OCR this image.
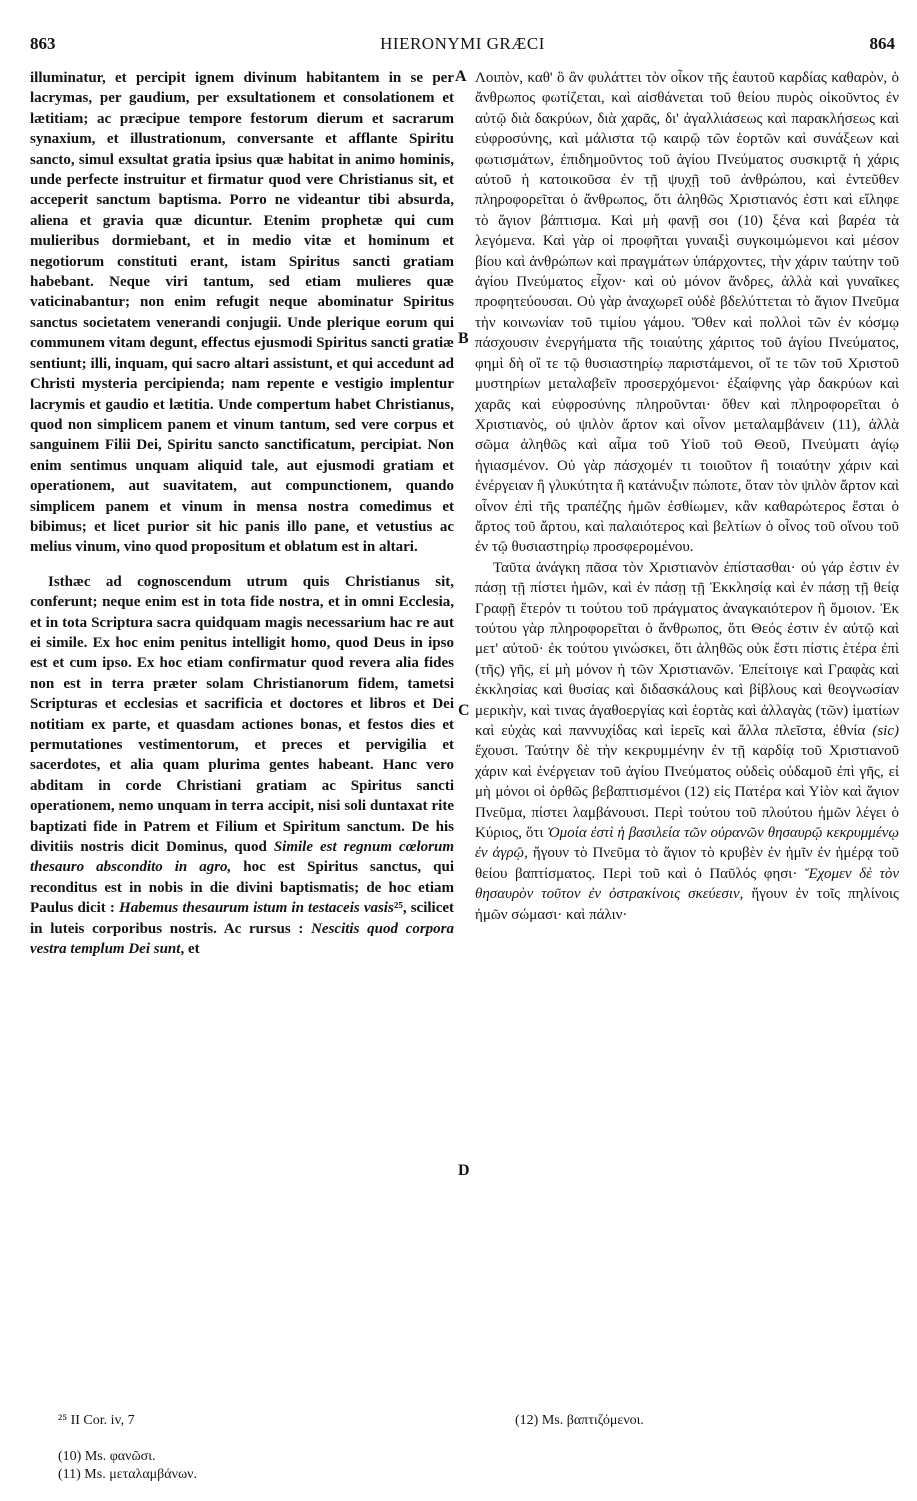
863	HIERONYMI GRÆCI	864

illuminatur, et percipit ignem divinum habitantem in se per lacrymas, per gaudium, per exsultationem et consolationem et lætitiam; ac præcipue tempore festorum dierum et sacrarum synaxium, et illustrationum, conversante et afflante Spiritu sancto, simul exsultat gratia ipsius quæ habitat in animo hominis, unde perfecte instruitur et firmatur quod vere Christianus sit, et acceperit sanctum baptisma. Porro ne videantur tibi absurda, aliena et gravia quæ dicuntur. Etenim prophetæ qui cum mulieribus dormiebant, et in medio vitæ et hominum et negotiorum constituti erant, istam Spiritus sancti gratiam habebant. Neque viri tantum, sed etiam mulieres quæ vaticinabantur; non enim refugit neque abominatur Spiritus sanctus societatem venerandi conjugii. Unde plerique eorum qui communem vitam degunt, effectus ejusmodi Spiritus sancti gratiæ sentiunt; illi, inquam, qui sacro altari assistunt, et qui accedunt ad Christi mysteria percipienda; nam repente e vestigio implentur lacrymis et gaudio et lætitia. Unde compertum habet Christianus, quod non simplicem panem et vinum tantum, sed vere corpus et sanguinem Filii Dei, Spiritu sancto sanctificatum, percipiat. Non enim sentimus unquam aliquid tale, aut ejusmodi gratiam et operationem, aut suavitatem, aut compunctionem, quando simplicem panem et vinum in mensa nostra comedimus et bibimus; et licet purior sit hic panis illo pane, et vetustius ac melius vinum, vino quod propositum et oblatum est in altari.

Isthæc ad cognoscendum utrum quis Christianus sit, conferunt; neque enim est in tota fide nostra, et in omni Ecclesia, et in tota Scriptura sacra quidquam magis necessarium hac re aut ei simile. Ex hoc enim penitus intelligit homo, quod Deus in ipso est et cum ipso. Ex hoc etiam confirmatur quod revera alia fides non est in terra præter solam Christianorum fidem, tametsi Scripturas et ecclesias et sacrificia et doctores et libros et Dei notitiam ex parte, et quasdam actiones bonas, et festos dies et permutationes vestimentorum, et preces et pervigilia et sacerdotes, et alia quam plurima gentes habeant. Hanc vero abditam in corde Christiani gratiam ac Spiritus sancti operationem, nemo unquam in terra accipit, nisi soli duntaxat rite baptizati fide in Patrem et Filium et Spiritum sanctum. De his divitiis nostris dicit Dominus, quod Simile est regnum cœlorum thesauro abscondito in agro, hoc est Spiritus sanctus, qui reconditus est in nobis in die divini baptismatis; de hoc etiam Paulus dicit : Habemus thesaurum istum in testaceis vasis²⁵, scilicet in luteis corporibus nostris. Ac rursus : Nescitis quod corpora vestra templum Dei sunt, et

Λοιπὸν, καθ' ὃ ἂν φυλάττει τὸν οἶκον τῆς ἑαυτοῦ καρδίας καθαρὸν, ὁ ἄνθρωπος φωτίζεται, καὶ αἰσθάνεται τοῦ θείου πυρὸς οἰκοῦντος ἐν αὐτῷ διὰ δακρύων, διὰ χαρᾶς, δι' ἀγαλλιάσεως καὶ παρακλήσεως καὶ εὐφροσύνης, καὶ μάλιστα τῷ καιρῷ τῶν ἑορτῶν καὶ συνάξεων καὶ φωτισμάτων, ἐπιδημοῦντος τοῦ ἁγίου Πνεύματος συσκιρτᾷ ἡ χάρις αὐτοῦ ἡ κατοικοῦσα ἐν τῇ ψυχῇ τοῦ ἀνθρώπου, καὶ ἐντεῦθεν πληροφορεῖται ὁ ἄνθρωπος, ὅτι ἀληθῶς Χριστιανός ἐστι καὶ εἴληφε τὸ ἅγιον βάπτισμα. Καὶ μὴ φανῇ σοι (10) ξένα καὶ βαρέα τὰ λεγόμενα. Καὶ γὰρ οἱ προφῆται γυναιξὶ συγκοιμώμενοι καὶ μέσον βίου καὶ ἀνθρώπων καὶ πραγμάτων ὑπάρχοντες, τὴν χάριν ταύτην τοῦ ἁγίου Πνεύματος εἶχον· καὶ οὐ μόνον ἄνδρες, ἀλλὰ καὶ γυναῖκες προφητεύουσαι. Οὐ γὰρ ἀναχωρεῖ οὐδὲ βδελύττεται τὸ ἅγιον Πνεῦμα τὴν κοινωνίαν τοῦ τιμίου γάμου. Ὅθεν καὶ πολλοὶ τῶν ἐν κόσμῳ πάσχουσιν ἐνεργήματα τῆς τοιαύτης χάριτος τοῦ ἁγίου Πνεύματος, φημὶ δὴ οἵ τε τῷ θυσιαστηρίῳ παριστάμενοι, οἵ τε τῶν τοῦ Χριστοῦ μυστηρίων μεταλαβεῖν προσερχόμενοι· ἐξαίφνης γὰρ δακρύων καὶ χαρᾶς καὶ εὐφροσύνης πληροῦνται· ὅθεν καὶ πληροφορεῖται ὁ Χριστιανὸς, οὐ ψιλὸν ἄρτον καὶ οἶνον μεταλαμβάνειν (11), ἀλλὰ σῶμα ἀληθῶς καὶ αἷμα τοῦ Υἱοῦ τοῦ Θεοῦ, Πνεύματι ἁγίῳ ἡγιασμένον. Οὐ γὰρ πάσχομέν τι τοιοῦτον ἢ τοιαύτην χάριν καὶ ἐνέργειαν ἢ γλυκύτητα ἢ κατάνυξιν πώποτε, ὅταν τὸν ψιλὸν ἄρτον καὶ οἶνον ἐπὶ τῆς τραπέζης ἡμῶν ἐσθίωμεν, κἂν καθαρώτερος ἔσται ὁ ἄρτος τοῦ ἄρτου, καὶ παλαιότερος καὶ βελτίων ὁ οἶνος τοῦ οἴνου τοῦ ἐν τῷ θυσιαστηρίῳ προσφερομένου.

Ταῦτα ἀνάγκη πᾶσα τὸν Χριστιανὸν ἐπίστασθαι· οὐ γάρ ἐστιν ἐν πάσῃ τῇ πίστει ἡμῶν, καὶ ἐν πάσῃ τῇ Ἐκκλησίᾳ καὶ ἐν πάσῃ τῇ θείᾳ Γραφῇ ἕτερόν τι τούτου τοῦ πράγματος ἀναγκαιότερον ἢ ὅμοιον. Ἐκ τούτου γὰρ πληροφορεῖται ὁ ἄνθρωπος, ὅτι Θεός ἐστιν ἐν αὐτῷ καὶ μετ' αὐτοῦ· ἐκ τούτου γινώσκει, ὅτι ἀληθῶς οὐκ ἔστι πίστις ἑτέρα ἐπὶ (τῆς) γῆς, εἰ μὴ μόνον ἡ τῶν Χριστιανῶν. Ἐπείτοιγε καὶ Γραφὰς καὶ ἐκκλησίας καὶ θυσίας καὶ διδασκάλους καὶ βίβλους καὶ θεογνωσίαν μερικὴν, καὶ τινας ἀγαθοεργίας καὶ ἑορτὰς καὶ ἀλλαγὰς (τῶν) ἱματίων καὶ εὐχὰς καὶ παννυχίδας καὶ ἱερεῖς καὶ ἄλλα πλεῖστα, ἐθνία (sic) ἔχουσι. Ταύτην δὲ τὴν κεκρυμμένην ἐν τῇ καρδίᾳ τοῦ Χριστιανοῦ χάριν καὶ ἐνέργειαν τοῦ ἁγίου Πνεύματος οὐδεὶς οὐδαμοῦ ἐπὶ γῆς, εἰ μὴ μόνοι οἱ ὀρθῶς βεβαπτισμένοι (12) εἰς Πατέρα καὶ Υἱὸν καὶ ἅγιον Πνεῦμα, πίστει λαμβάνουσι. Περὶ τούτου τοῦ πλούτου ἡμῶν λέγει ὁ Κύριος, ὅτι Ὁμοία ἐστὶ ἡ βασιλεία τῶν οὐρανῶν θησαυρῷ κεκρυμμένῳ ἐν ἀγρῷ, ἤγουν τὸ Πνεῦμα τὸ ἅγιον τὸ κρυβὲν ἐν ἡμῖν ἐν ἡμέρᾳ τοῦ θείου βαπτίσματος. Περὶ τοῦ καὶ ὁ Παῦλός φησι· Ἔχομεν δὲ τὸν θησαυρὸν τοῦτον ἐν ὀστρακίνοις σκεύεσιν, ἤγουν ἐν τοῖς πηλίνοις ἡμῶν σώμασι· καὶ πάλιν·

A
B
C
D

²⁵ II Cor. iv, 7

(10) Ms. φανῶσι.

(11) Ms. μεταλαμβάνων.

(12) Ms. βαπτιζόμενοι.
